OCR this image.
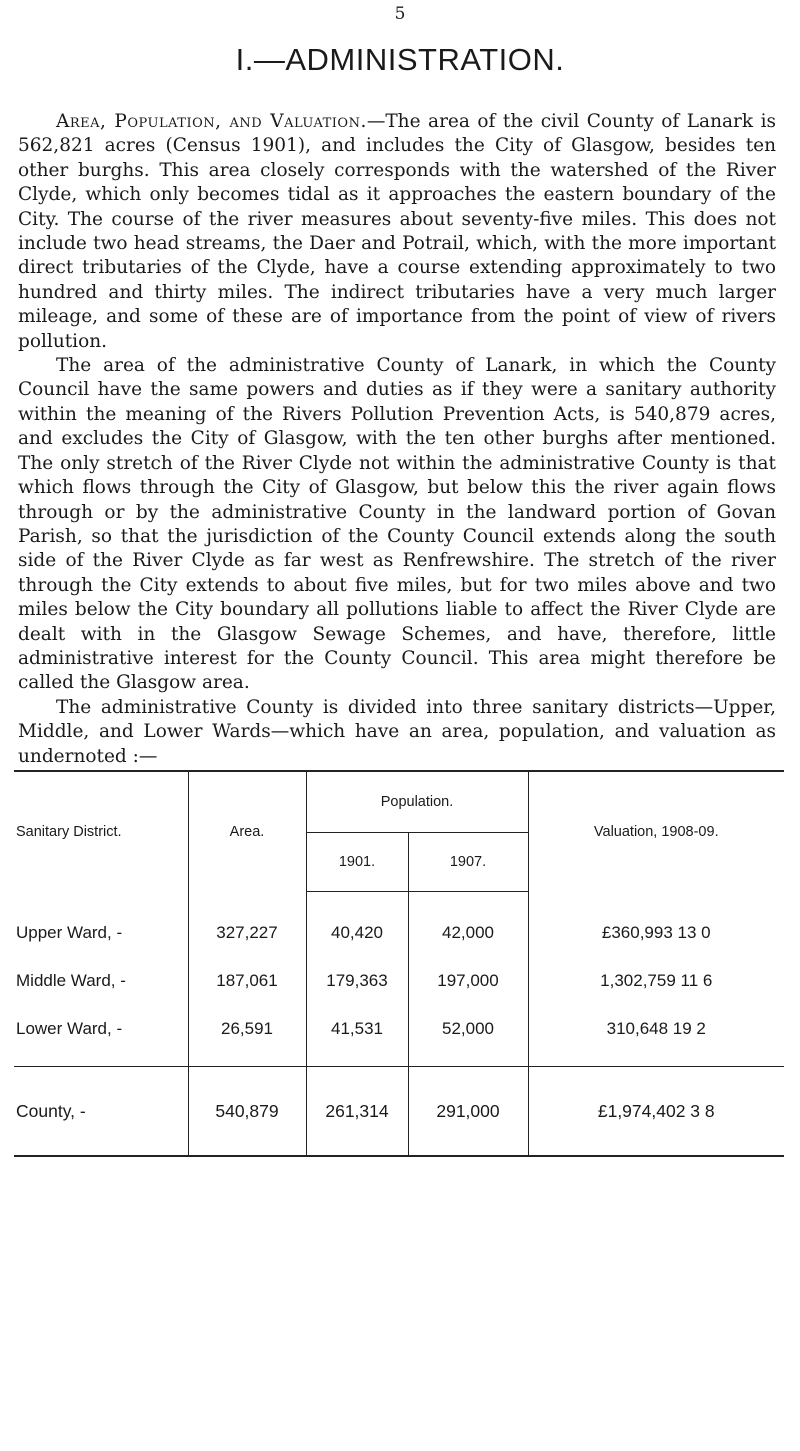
5
I.—ADMINISTRATION.

Area, Population, and Valuation.—The area of the civil County of Lanark is 562,821 acres (Census 1901), and includes the City of Glasgow, besides ten other burghs. This area closely corresponds with the watershed of the River Clyde, which only becomes tidal as it approaches the eastern boundary of the City. The course of the river measures about seventy-five miles. This does not include two head streams, the Daer and Potrail, which, with the more important direct tributaries of the Clyde, have a course extending approximately to two hundred and thirty miles. The indirect tributaries have a very much larger mileage, and some of these are of importance from the point of view of rivers pollution.

The area of the administrative County of Lanark, in which the County Council have the same powers and duties as if they were a sanitary authority within the meaning of the Rivers Pollution Prevention Acts, is 540,879 acres, and excludes the City of Glasgow, with the ten other burghs after mentioned. The only stretch of the River Clyde not within the administrative County is that which flows through the City of Glasgow, but below this the river again flows through or by the administrative County in the landward portion of Govan Parish, so that the jurisdiction of the County Council extends along the south side of the River Clyde as far west as Renfrewshire. The stretch of the river through the City extends to about five miles, but for two miles above and two miles below the City boundary all pollutions liable to affect the River Clyde are dealt with in the Glasgow Sewage Schemes, and have, therefore, little administrative interest for the County Council. This area might therefore be called the Glasgow area.

The administrative County is divided into three sanitary districts—Upper, Middle, and Lower Wards—which have an area, population, and valuation as undernoted :—

Sanitary District.	Area.	Population.		Valuation, 1908-09.
		1901.	1907.	
Upper Ward, -	327,227	40,420	42,000	£360,993 13 0
Middle Ward, -	187,061	179,363	197,000	1,302,759 11 6
Lower Ward, -	26,591	41,531	52,000	310,648 19 2
County, -	540,879	261,314	291,000	£1,974,402 3 8
